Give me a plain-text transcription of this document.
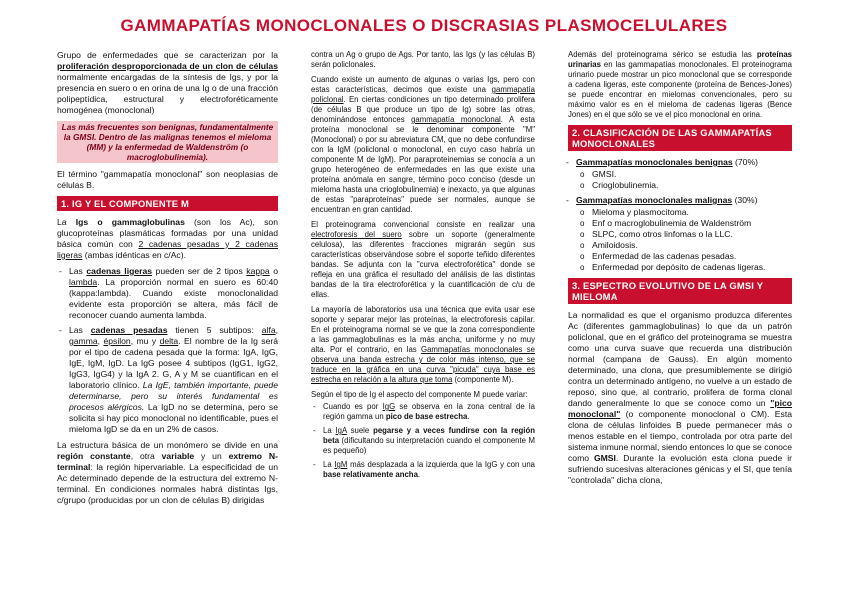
GAMMAPATÍAS MONOCLONALES O DISCRASIAS PLASMOCELULARES

Grupo de enfermedades que se caracterizan por la proliferación desproporcionada de un clon de células normalmente encargadas de la síntesis de Igs, y por la presencia en suero o en orina de una Ig o de una fracción polipeptídica, estructural y electroforéticamente homogénea (monoclonal)

Las más frecuentes son benignas, fundamentalmente la GMSI. Dentro de las malignas tenemos el mieloma (MM) y la enfermedad de Waldenström (o macroglobulinemia).

El término "gammapatía monoclonal" son neoplasias de células B.

1. IG Y EL COMPONENTE M

La Igs o gammaglobulinas (son los Ac), son glucoproteínas plasmáticas formadas por una unidad básica común con 2 cadenas pesadas y 2 cadenas ligeras (ambas idénticas en c/Ac).

- Las cadenas ligeras pueden ser de 2 tipos kappa o lambda. La proporción normal en suero es 60:40 (kappa:lambda). Cuando existe monoclonalidad evidente esta proporción se altera, más fácil de reconocer cuando aumenta lambda.
- Las cadenas pesadas tienen 5 subtipos: alfa, gamma, épsilon, mu y delta. El nombre de la Ig será por el tipo de cadena pesada que la forma: IgA, IgG, IgE, IgM, IgD. La IgG posee 4 subtipos (IgG1, IgG2, IgG3, IgG4) y la IgA 2. G, A y M se cuantifican en el laboratorio clínico. La IgE, también importante, puede determinarse, pero su interés fundamental es procesos alérgicos. La IgD no se determina, pero se solicita si hay pico monoclonal no identificable, pues el mieloma IgD se da en un 2% de casos.

La estructura básica de un monómero se divide en una región constante, otra variable y un extremo N- terminal: la región hipervariable. La especificidad de un Ac determinado depende de la estructura del extremo N-terminal. En condiciones normales habrá distintas Igs, c/grupo (producidas por un clon de células B) dirigidas

contra un Ag o grupo de Ags. Por tanto, las Igs (y las células B) serán policlonales.

Cuando existe un aumento de algunas o varias Igs, pero con estas características, decimos que existe una gammapatía policlonal. En ciertas condiciones un tipo determinado prolifera (de células B que produce un tipo de Ig) sobre las otras, denominándose entonces gammapatía monoclonal. A esta proteína monoclonal se le denominar componente "M" (Monoclonal) o por su abreviatura CM, que no debe confundirse con la IgM (policlonal o monoclonal, en cuyo caso habría un componente M de IgM). Por paraproteinemias se conocía a un grupo heterogéneo de enfermedades en las que existe una proteína anómala en sangre, término poco conciso (desde un mieloma hasta una crioglobulinemia) e inexacto, ya que algunas de estas "paraproteínas" puede ser normales, aunque se encuentran en gran cantidad.

El proteinograma convencional consiste en realizar una electroforesis del suero sobre un soporte (generalmente celulosa), las diferentes fracciones migrarán según sus características observándose sobre el soporte teñido diferentes bandas. Se adjunta con la "curva electroforética" donde se refleja en una gráfica el resultado del análisis de las distintas bandas de la tira electroforética y la cuantificación de c/u de ellas.

La mayoría de laboratorios usa una técnica que evita usar ese soporte y separar mejor las proteínas, la electroforesis capilar. En el proteinograma normal se ve que la zona correspondiente a las gammaglobulinas es la más ancha, uniforme y no muy alta. Por el contrario, en las Gammapatías monoclonales se observa una banda estrecha y de color más intenso, que se traduce en la gráfica en una curva "picuda" cuya base es estrecha en relación a la altura que toma (componente M).

Según el tipo de Ig el aspecto del componente M puede variar:

- Cuando es por IgG se observa en la zona central de la región gamma un pico de base estrecha.
- La IgA suele pegarse y a veces fundirse con la región beta (dificultando su interpretación cuando el componente M es pequeño)
- La IgM más desplazada a la izquierda que la IgG y con una base relativamente ancha.

Además del proteinograma sérico se estudia las proteínas urinarias en las gammapatías monoclonales. El proteinograma urinario puede mostrar un pico monoclonal que se corresponde a cadena ligeras, este componente (proteína de Bences-Jones) se puede encontrar en mielomas convencionales, pero su máximo valor es en el mieloma de cadenas ligeras (Bence Jones) en el que sólo se ve el pico monoclonal en orina.

2. CLASIFICACIÓN DE LAS GAMMAPATÍAS MONOCLONALES
- Gammapatías monoclonales benignas (70%)
o GMSI.
o Crioglobulinemia.
- Gammapatías monoclonales malignas (30%)
o Mieloma y plasmocitoma.
o Enf o macroglobulinemia de Waldenström
o SLPC, como otros linfomas o la LLC.
o Amiloidosis.
o Enfermedad de las cadenas pesadas.
o Enfermedad por depósito de cadenas ligeras.
3. ESPECTRO EVOLUTIVO DE LA GMSI Y MIELOMA

La normalidad es que el organismo produzca diferentes Ac (diferentes gammaglobulinas) lo que da un patrón policlonal, que en el gráfico del proteinograma se muestra como una curva suave que recuerda una distribución normal (campana de Gauss). En algún momento determinado, una clona, que presumiblemente se dirigió contra un determinado antígeno, no vuelve a un estado de reposo, sino que, al contrario, prolifera de forma clonal dando generalmente lo que se conoce como un "pico monoclonal" (o componente monoclonal o CM). Esta clona de células linfoides B puede permanecer más o menos estable en el tiempo, controlada por otra parte del sistema inmune normal, siendo entonces lo que se conoce como GMSI. Durante la evolución esta clona puede ir sufriendo sucesivas alteraciones génicas y el SI, que tenía "controlada" dicha clona,
